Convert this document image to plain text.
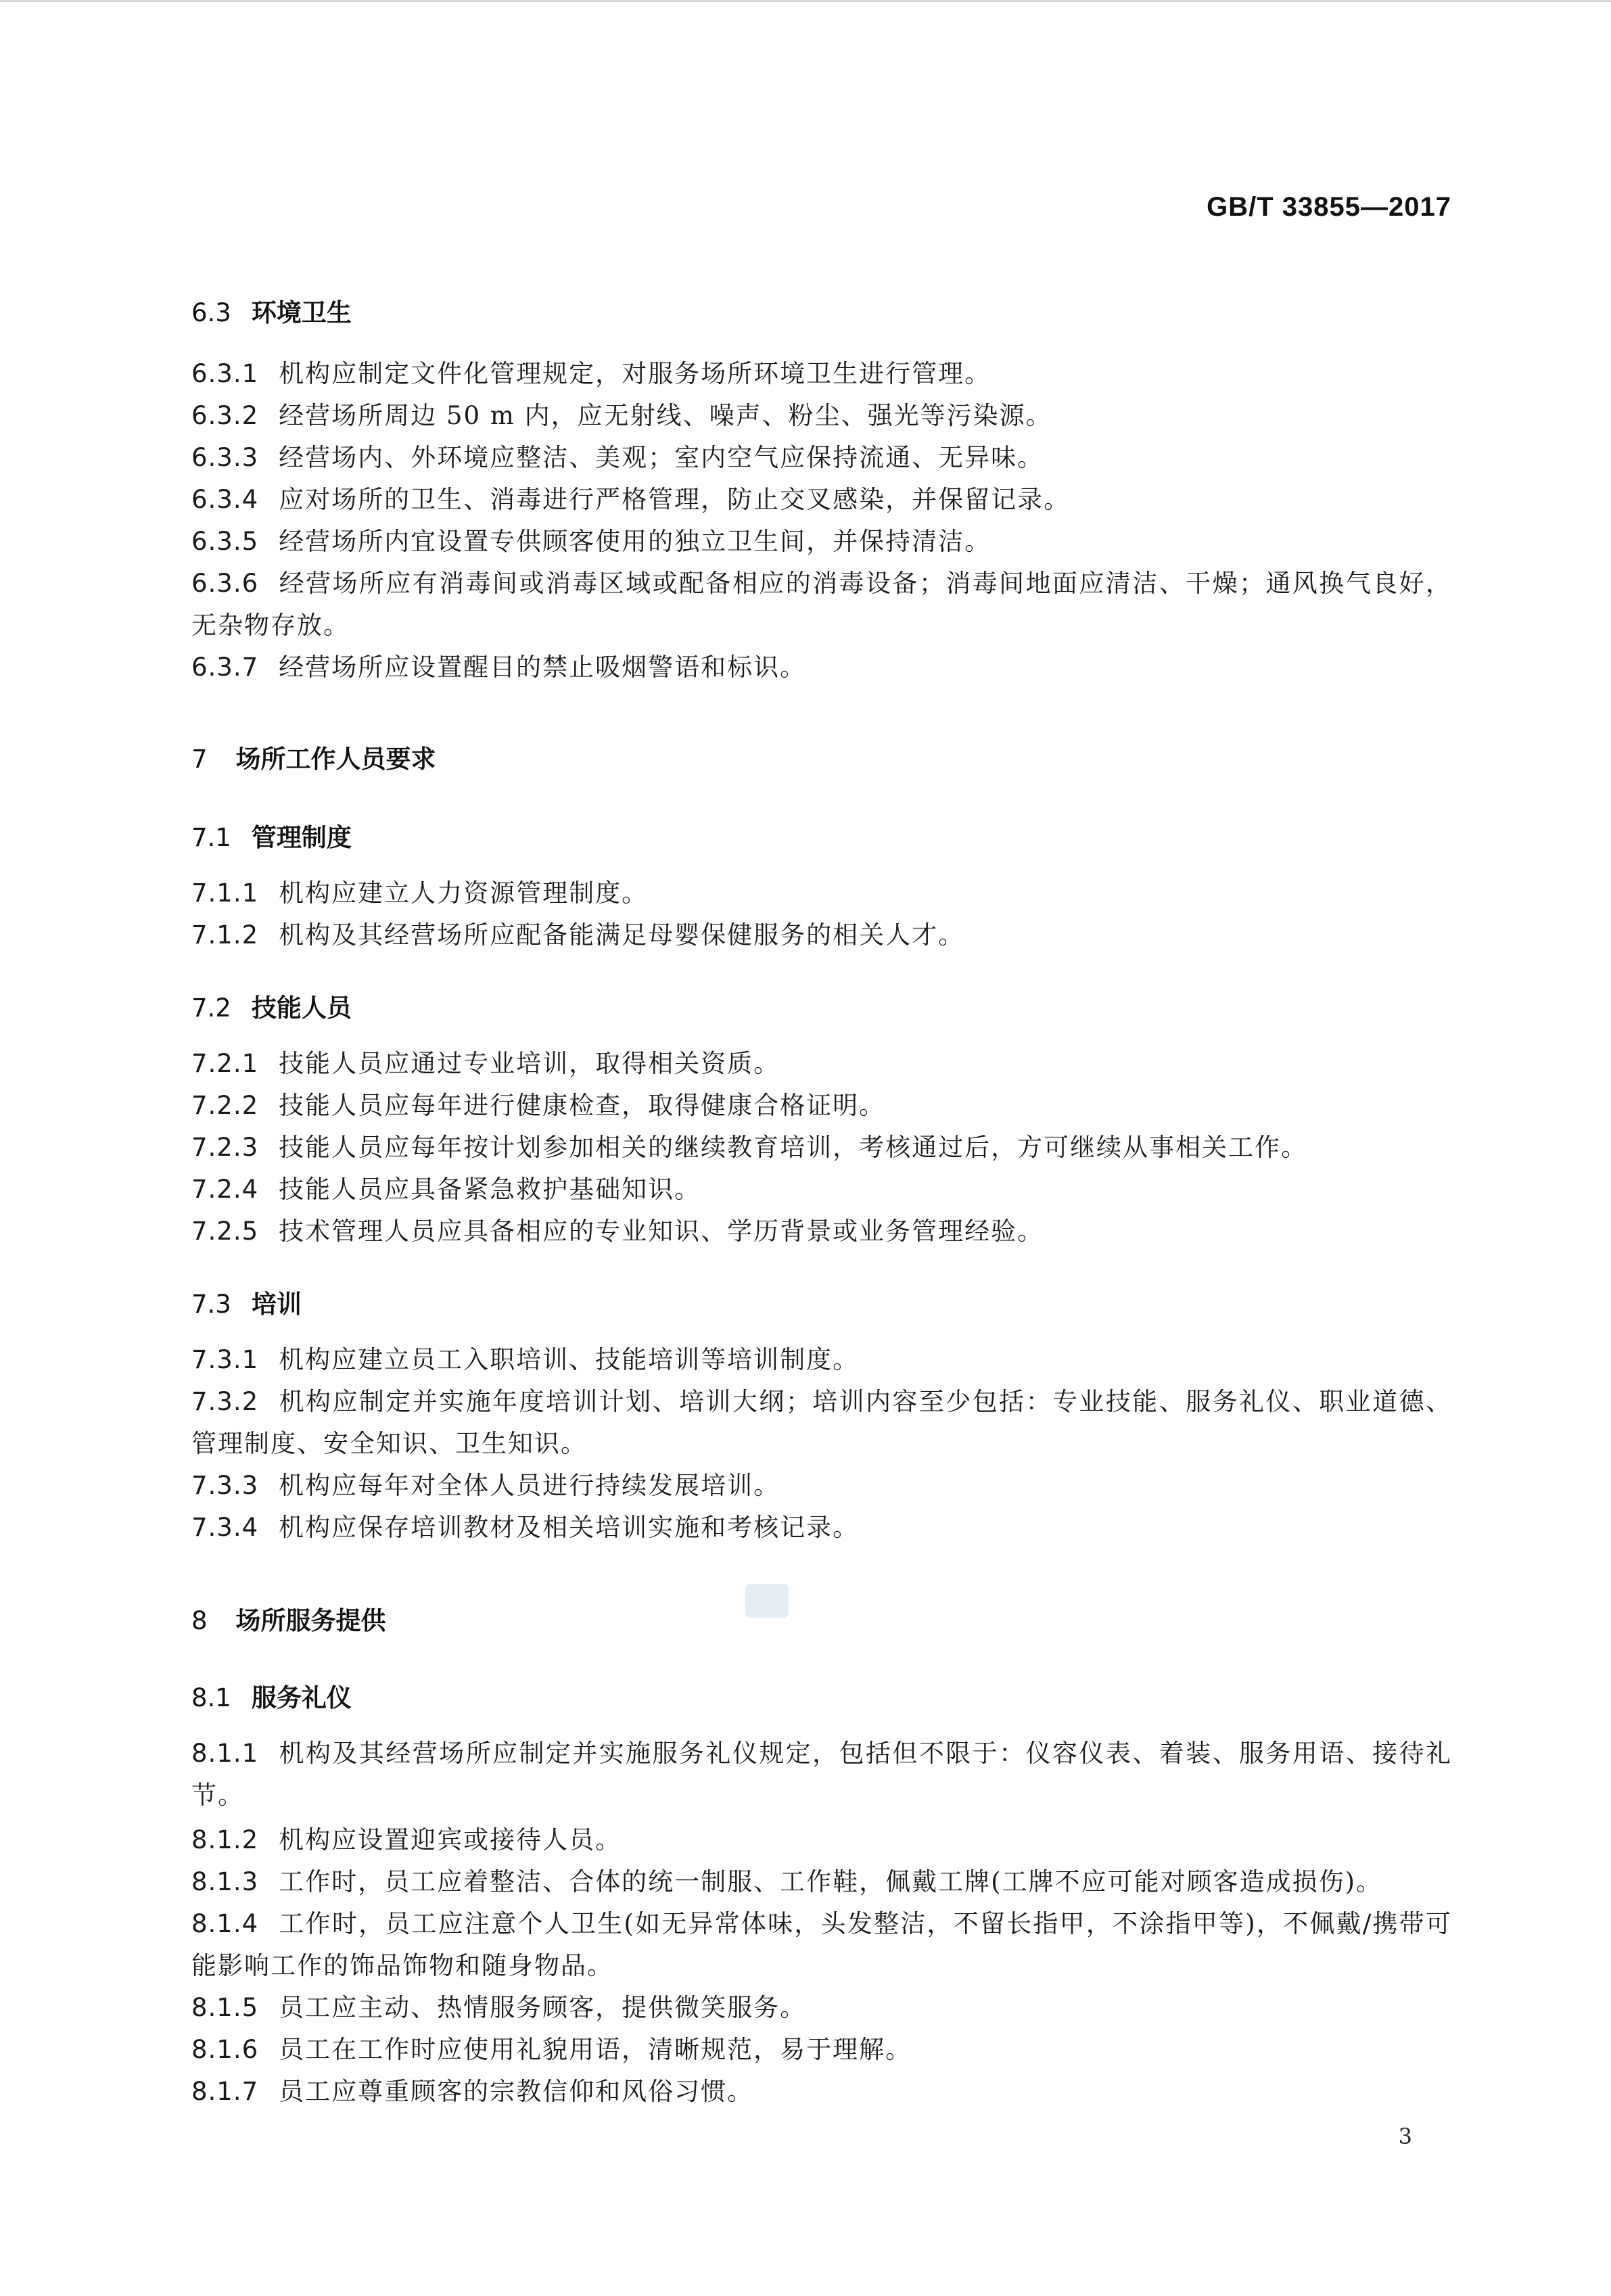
GB/T 33855—2017
6.3 环境卫生
6.3.1 机构应制定文件化管理规定，对服务场所环境卫生进行管理。
6.3.2 经营场所周边 50 m 内，应无射线、噪声、粉尘、强光等污染源。
6.3.3 经营场内、外环境应整洁、美观；室内空气应保持流通、无异味。
6.3.4 应对场所的卫生、消毒进行严格管理，防止交叉感染，并保留记录。
6.3.5 经营场所内宜设置专供顾客使用的独立卫生间，并保持清洁。
6.3.6 经营场所应有消毒间或消毒区域或配备相应的消毒设备；消毒间地面应清洁、干燥；通风换气良好，无杂物存放。
6.3.7 经营场所应设置醒目的禁止吸烟警语和标识。
7 场所工作人员要求
7.1 管理制度
7.1.1 机构应建立人力资源管理制度。
7.1.2 机构及其经营场所应配备能满足母婴保健服务的相关人才。
7.2 技能人员
7.2.1 技能人员应通过专业培训，取得相关资质。
7.2.2 技能人员应每年进行健康检查，取得健康合格证明。
7.2.3 技能人员应每年按计划参加相关的继续教育培训，考核通过后，方可继续从事相关工作。
7.2.4 技能人员应具备紧急救护基础知识。
7.2.5 技术管理人员应具备相应的专业知识、学历背景或业务管理经验。
7.3 培训
7.3.1 机构应建立员工入职培训、技能培训等培训制度。
7.3.2 机构应制定并实施年度培训计划、培训大纲；培训内容至少包括：专业技能、服务礼仪、职业道德、管理制度、安全知识、卫生知识。
7.3.3 机构应每年对全体人员进行持续发展培训。
7.3.4 机构应保存培训教材及相关培训实施和考核记录。
8 场所服务提供
8.1 服务礼仪
8.1.1 机构及其经营场所应制定并实施服务礼仪规定，包括但不限于：仪容仪表、着装、服务用语、接待礼节。
8.1.2 机构应设置迎宾或接待人员。
8.1.3 工作时，员工应着整洁、合体的统一制服、工作鞋，佩戴工牌(工牌不应可能对顾客造成损伤)。
8.1.4 工作时，员工应注意个人卫生(如无异常体味，头发整洁，不留长指甲，不涂指甲等)，不佩戴/携带可能影响工作的饰品饰物和随身物品。
8.1.5 员工应主动、热情服务顾客，提供微笑服务。
8.1.6 员工在工作时应使用礼貌用语，清晰规范，易于理解。
8.1.7 员工应尊重顾客的宗教信仰和风俗习惯。
3
